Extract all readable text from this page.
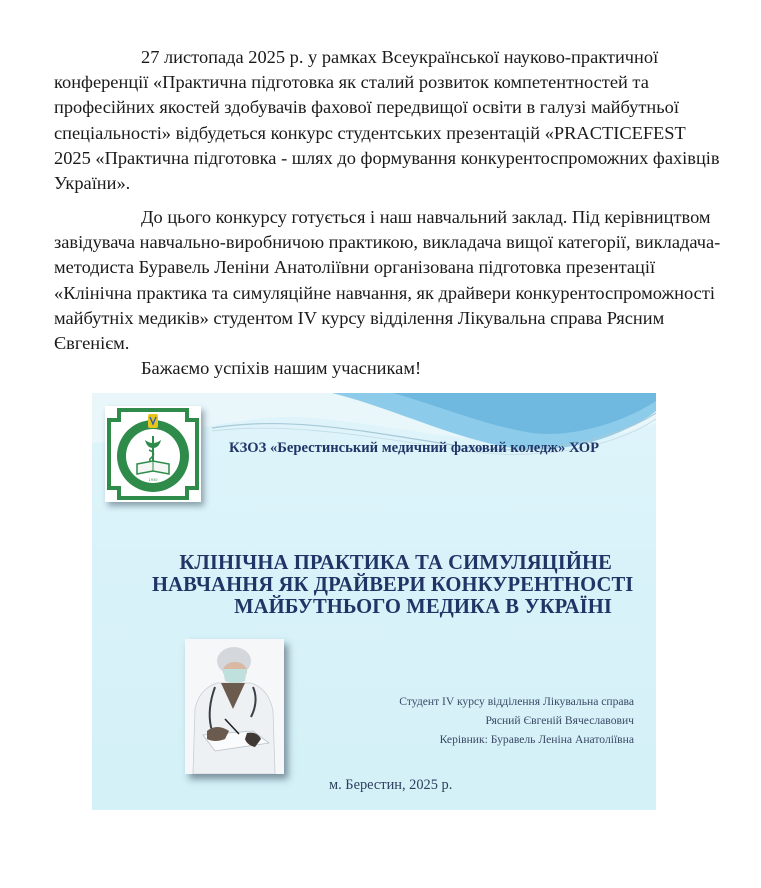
27 листопада 2025 р. у рамках Всеукраїнської науково-практичної конференції «Практична підготовка як сталий розвиток компетентностей та професійних якостей здобувачів фахової передвищої освіти в галузі майбутньої спеціальності» відбудеться конкурс студентських презентацій «PRACTICEFEST 2025 «Практична підготовка - шлях до формування конкурентоспроможних фахівців України».

До цього конкурсу готується і наш навчальний заклад. Під керівництвом завідувача навчально-виробничою практикою, викладача вищої категорії, викладача-методиста Буравель Леніни Анатоліївни організована підготовка презентації «Клінічна практика та симуляційне навчання, як драйвери конкурентоспроможності майбутніх медиків» студентом IV курсу відділення Лікувальна справа Рясним Євгенієм.

Бажаємо успіхів нашим учасникам!

1930
КЗОЗ «Берестинський медичний фаховий коледж» ХОР
КЛІНІЧНА ПРАКТИКА ТА СИМУЛЯЦІЙНЕ
НАВЧАННЯ ЯК ДРАЙВЕРИ КОНКУРЕНТНОСТІ
МАЙБУТНЬОГО МЕДИКА В УКРАЇНІ
Студент IV курсу відділення Лікувальна справа
Рясний Євгеній Вячеславович
Керівник: Буравель Леніна Анатоліївна
м. Берестин, 2025 р.
